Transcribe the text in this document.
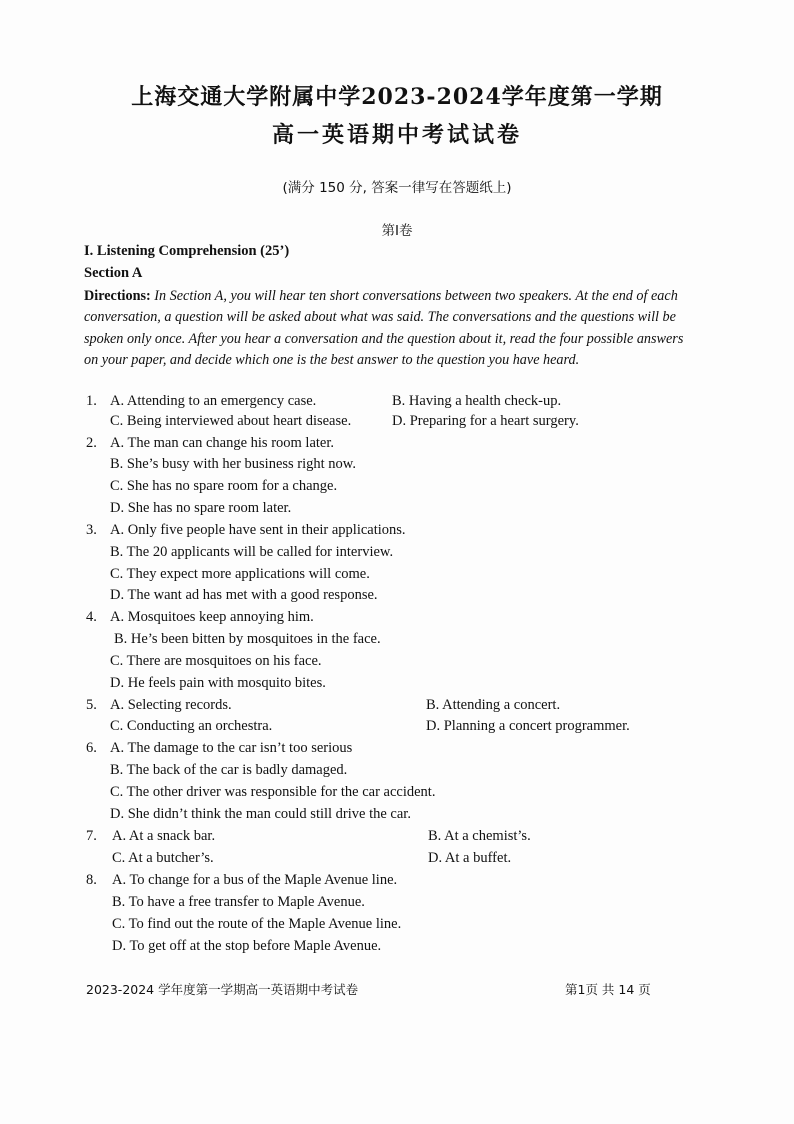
上海交通大学附属中学2023-2024学年度第一学期
高一英语期中考试试卷
(满分 150 分, 答案一律写在答题纸上)
第I卷
I. Listening Comprehension (25’)
Section A
Directions: In Section A, you will hear ten short conversations between two speakers. At the end of each conversation, a question will be asked about what was said. The conversations and the questions will be spoken only once. After you hear a conversation and the question about it, read the four possible answers on your paper, and decide which one is the best answer to the question you have heard.
1. A. Attending to an emergency case.	B. Having a health check-up.
C. Being interviewed about heart disease.	D. Preparing for a heart surgery.
2. A. The man can change his room later.
B. She’s busy with her business right now.
C. She has no spare room for a change.
D. She has no spare room later.
3. A. Only five people have sent in their applications.
B. The 20 applicants will be called for interview.
C. They expect more applications will come.
D. The want ad has met with a good response.
4. A. Mosquitoes keep annoying him.
B. He’s been bitten by mosquitoes in the face.
C. There are mosquitoes on his face.
D. He feels pain with mosquito bites.
5. A. Selecting records.	B. Attending a concert.
C. Conducting an orchestra.	D. Planning a concert programmer.
6. A. The damage to the car isn’t too serious
B. The back of the car is badly damaged.
C. The other driver was responsible for the car accident.
D. She didn’t think the man could still drive the car.
7. A. At a snack bar.	B. At a chemist’s.
C. At a butcher’s.	D. At a buffet.
8. A. To change for a bus of the Maple Avenue line.
B. To have a free transfer to Maple Avenue.
C. To find out the route of the Maple Avenue line.
D. To get off at the stop before Maple Avenue.
2023-2024 学年度第一学期高一英语期中考试卷	第1页 共 14 页
